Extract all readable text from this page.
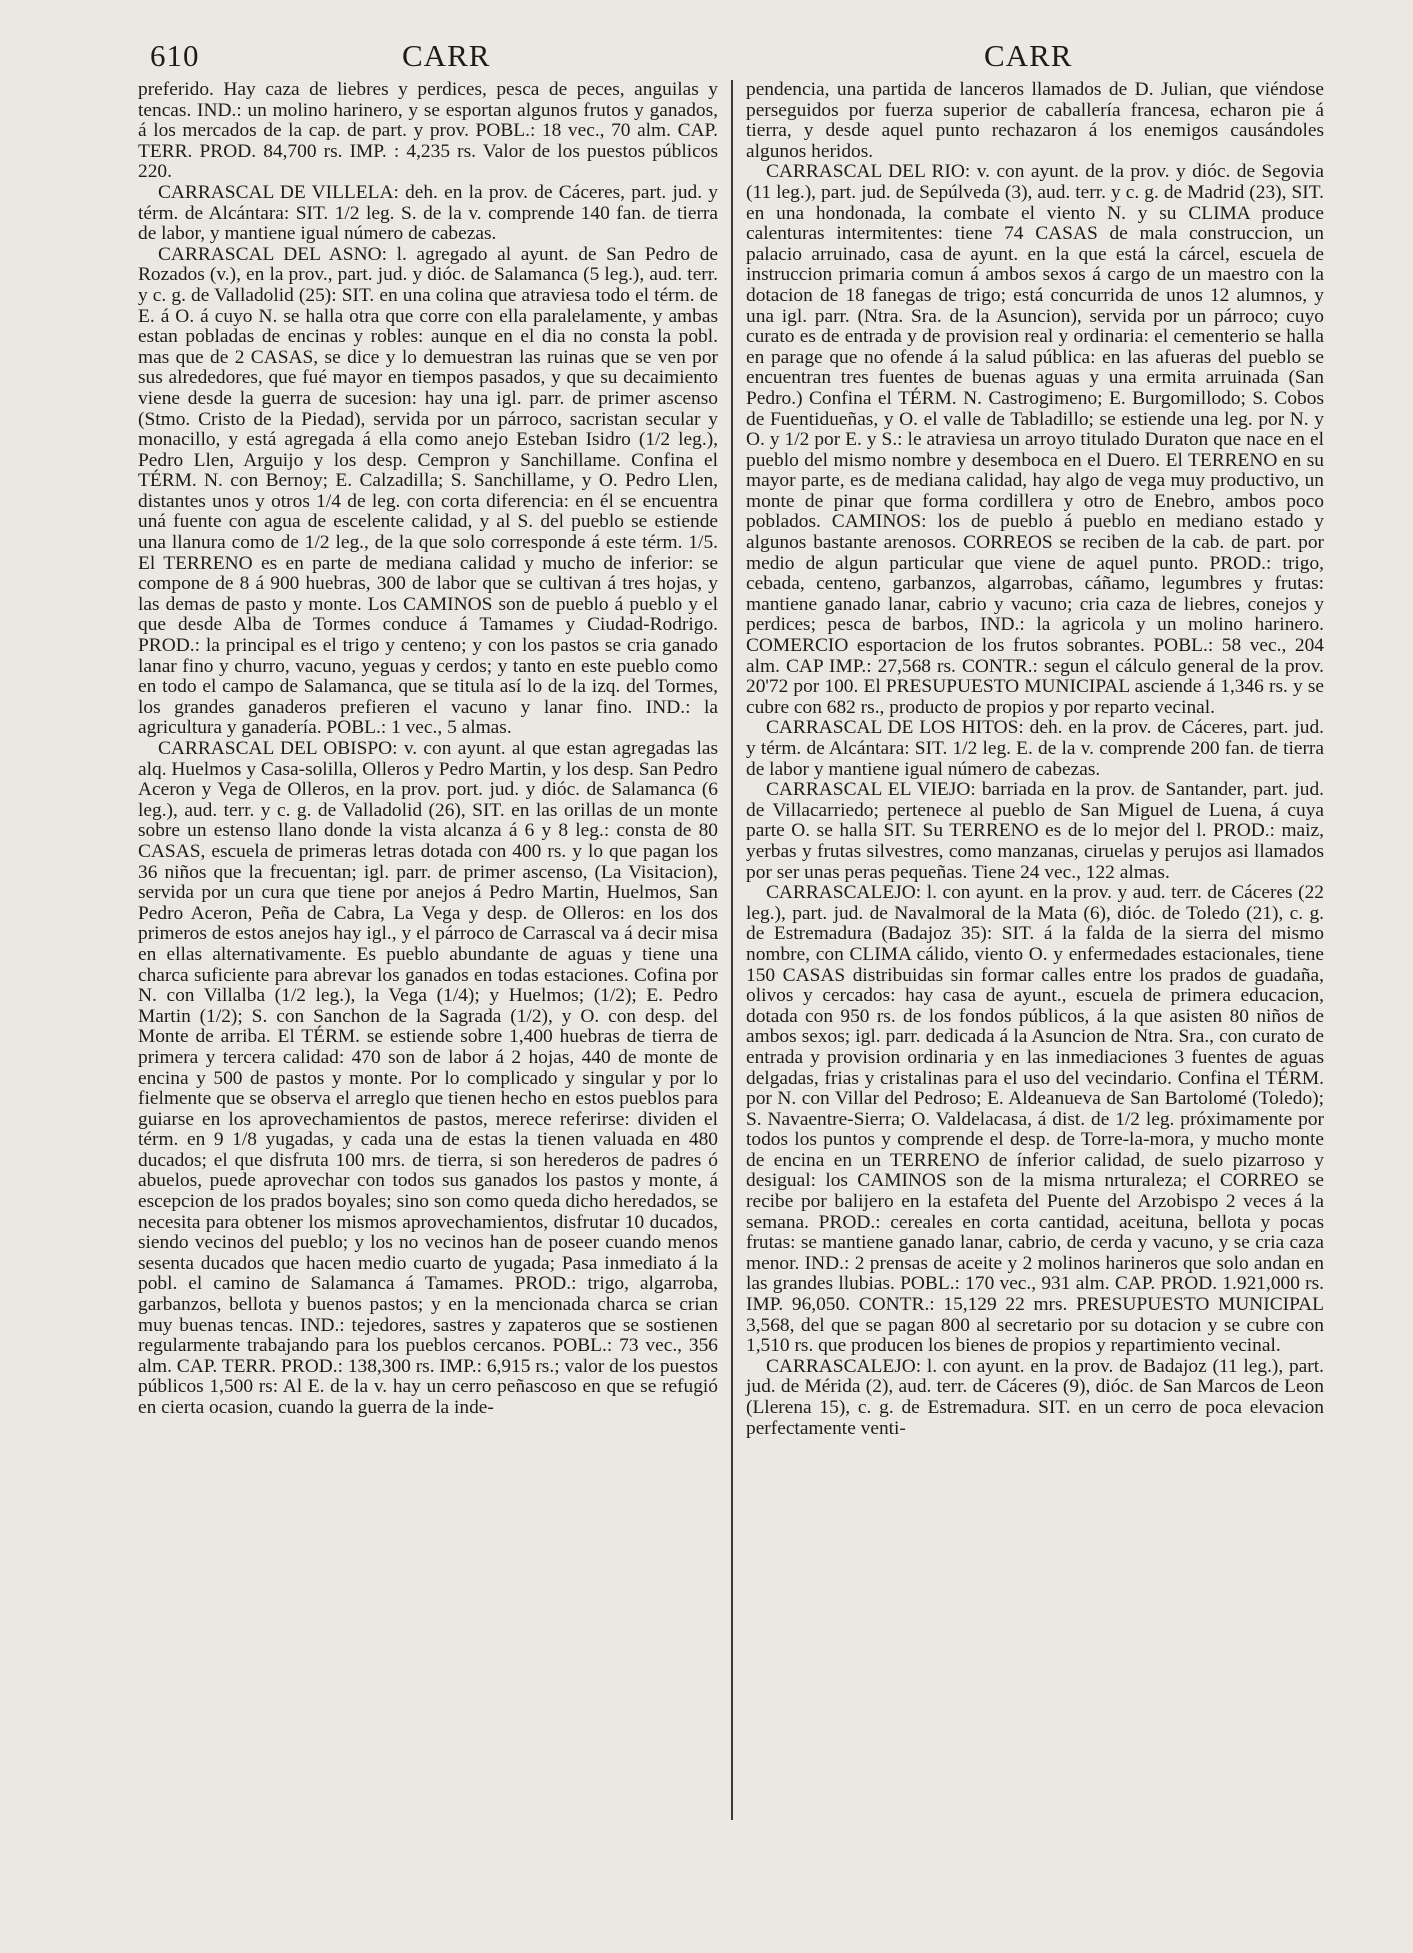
610	CARR	CARR

preferido. Hay caza de liebres y perdices, pesca de peces, anguilas y tencas. IND.: un molino harinero, y se esportan algunos frutos y ganados, á los mercados de la cap. de part. y prov. POBL.: 18 vec., 70 alm. CAP. TERR. PROD. 84,700 rs. IMP. : 4,235 rs. Valor de los puestos públicos 220.

CARRASCAL DE VILLELA: deh. en la prov. de Cáceres, part. jud. y térm. de Alcántara: SIT. 1/2 leg. S. de la v. comprende 140 fan. de tierra de labor, y mantiene igual número de cabezas.

CARRASCAL DEL ASNO: l. agregado al ayunt. de San Pedro de Rozados (v.), en la prov., part. jud. y dióc. de Salamanca (5 leg.), aud. terr. y c. g. de Valladolid (25): SIT. en una colina que atraviesa todo el térm. de E. á O. á cuyo N. se halla otra que corre con ella paralelamente, y ambas estan pobladas de encinas y robles: aunque en el dia no consta la pobl. mas que de 2 CASAS, se dice y lo demuestran las ruinas que se ven por sus alrededores, que fué mayor en tiempos pasados, y que su decaimiento viene desde la guerra de sucesion: hay una igl. parr. de primer ascenso (Stmo. Cristo de la Piedad), servida por un párroco, sacristan secular y monacillo, y está agregada á ella como anejo Esteban Isidro (1/2 leg.), Pedro Llen, Arguijo y los desp. Cempron y Sanchillame. Confina el TÉRM. N. con Bernoy; E. Calzadilla; S. Sanchillame, y O. Pedro Llen, distantes unos y otros 1/4 de leg. con corta diferencia: en él se encuentra uná fuente con agua de escelente calidad, y al S. del pueblo se estiende una llanura como de 1/2 leg., de la que solo corresponde á este térm. 1/5. El TERRENO es en parte de mediana calidad y mucho de inferior: se compone de 8 á 900 huebras, 300 de labor que se cultivan á tres hojas, y las demas de pasto y monte. Los CAMINOS son de pueblo á pueblo y el que desde Alba de Tormes conduce á Tamames y Ciudad-Rodrigo. PROD.: la principal es el trigo y centeno; y con los pastos se cria ganado lanar fino y churro, vacuno, yeguas y cerdos; y tanto en este pueblo como en todo el campo de Salamanca, que se titula así lo de la izq. del Tormes, los grandes ganaderos prefieren el vacuno y lanar fino. IND.: la agricultura y ganadería. POBL.: 1 vec., 5 almas.

CARRASCAL DEL OBISPO: v. con ayunt. al que estan agregadas las alq. Huelmos y Casa-solilla, Olleros y Pedro Martin, y los desp. San Pedro Aceron y Vega de Olleros, en la prov. port. jud. y dióc. de Salamanca (6 leg.), aud. terr. y c. g. de Valladolid (26), SIT. en las orillas de un monte sobre un estenso llano donde la vista alcanza á 6 y 8 leg.: consta de 80 CASAS, escuela de primeras letras dotada con 400 rs. y lo que pagan los 36 niños que la frecuentan; igl. parr. de primer ascenso, (La Visitacion), servida por un cura que tiene por anejos á Pedro Martin, Huelmos, San Pedro Aceron, Peña de Cabra, La Vega y desp. de Olleros: en los dos primeros de estos anejos hay igl., y el párroco de Carrascal va á decir misa en ellas alternativamente. Es pueblo abundante de aguas y tiene una charca suficiente para abrevar los ganados en todas estaciones. Cofina por N. con Villalba (1/2 leg.), la Vega (1/4); y Huelmos; (1/2); E. Pedro Martin (1/2); S. con Sanchon de la Sagrada (1/2), y O. con desp. del Monte de arriba. El TÉRM. se estiende sobre 1,400 huebras de tierra de primera y tercera calidad: 470 son de labor á 2 hojas, 440 de monte de encina y 500 de pastos y monte. Por lo complicado y singular y por lo fielmente que se observa el arreglo que tienen hecho en estos pueblos para guiarse en los aprovechamientos de pastos, merece referirse: dividen el térm. en 9 1/8 yugadas, y cada una de estas la tienen valuada en 480 ducados; el que disfruta 100 mrs. de tierra, si son herederos de padres ó abuelos, puede aprovechar con todos sus ganados los pastos y monte, á escepcion de los prados boyales; sino son como queda dicho heredados, se necesita para obtener los mismos aprovechamientos, disfrutar 10 ducados, siendo vecinos del pueblo; y los no vecinos han de poseer cuando menos sesenta ducados que hacen medio cuarto de yugada; Pasa inmediato á la pobl. el camino de Salamanca á Tamames. PROD.: trigo, algarroba, garbanzos, bellota y buenos pastos; y en la mencionada charca se crian muy buenas tencas. IND.: tejedores, sastres y zapateros que se sostienen regularmente trabajando para los pueblos cercanos. POBL.: 73 vec., 356 alm. CAP. TERR. PROD.: 138,300 rs. IMP.: 6,915 rs.; valor de los puestos públicos 1,500 rs: Al E. de la v. hay un cerro peñascoso en que se refugió en cierta ocasion, cuando la guerra de la inde-

pendencia, una partida de lanceros llamados de D. Julian, que viéndose perseguidos por fuerza superior de caballería francesa, echaron pie á tierra, y desde aquel punto rechazaron á los enemigos causándoles algunos heridos.

CARRASCAL DEL RIO: v. con ayunt. de la prov. y dióc. de Segovia (11 leg.), part. jud. de Sepúlveda (3), aud. terr. y c. g. de Madrid (23), SIT. en una hondonada, la combate el viento N. y su CLIMA produce calenturas intermitentes: tiene 74 CASAS de mala construccion, un palacio arruinado, casa de ayunt. en la que está la cárcel, escuela de instruccion primaria comun á ambos sexos á cargo de un maestro con la dotacion de 18 fanegas de trigo; está concurrida de unos 12 alumnos, y una igl. parr. (Ntra. Sra. de la Asuncion), servida por un párroco; cuyo curato es de entrada y de provision real y ordinaria: el cementerio se halla en parage que no ofende á la salud pública: en las afueras del pueblo se encuentran tres fuentes de buenas aguas y una ermita arruinada (San Pedro.) Confina el TÉRM. N. Castrogimeno; E. Burgomillodo; S. Cobos de Fuentidueñas, y O. el valle de Tabladillo; se estiende una leg. por N. y O. y 1/2 por E. y S.: le atraviesa un arroyo titulado Duraton que nace en el pueblo del mismo nombre y desemboca en el Duero. El TERRENO en su mayor parte, es de mediana calidad, hay algo de vega muy productivo, un monte de pinar que forma cordillera y otro de Enebro, ambos poco poblados. CAMINOS: los de pueblo á pueblo en mediano estado y algunos bastante arenosos. CORREOS se reciben de la cab. de part. por medio de algun particular que viene de aquel punto. PROD.: trigo, cebada, centeno, garbanzos, algarrobas, cáñamo, legumbres y frutas: mantiene ganado lanar, cabrio y vacuno; cria caza de liebres, conejos y perdices; pesca de barbos, IND.: la agricola y un molino harinero. COMERCIO esportacion de los frutos sobrantes. POBL.: 58 vec., 204 alm. CAP IMP.: 27,568 rs. CONTR.: segun el cálculo general de la prov. 20'72 por 100. El PRESUPUESTO MUNICIPAL asciende á 1,346 rs. y se cubre con 682 rs., producto de propios y por reparto vecinal.

CARRASCAL DE LOS HITOS: deh. en la prov. de Cáceres, part. jud. y térm. de Alcántara: SIT. 1/2 leg. E. de la v. comprende 200 fan. de tierra de labor y mantiene igual número de cabezas.

CARRASCAL EL VIEJO: barriada en la prov. de Santander, part. jud. de Villacarriedo; pertenece al pueblo de San Miguel de Luena, á cuya parte O. se halla SIT. Su TERRENO es de lo mejor del l. PROD.: maiz, yerbas y frutas silvestres, como manzanas, ciruelas y perujos asi llamados por ser unas peras pequeñas. Tiene 24 vec., 122 almas.

CARRASCALEJO: l. con ayunt. en la prov. y aud. terr. de Cáceres (22 leg.), part. jud. de Navalmoral de la Mata (6), dióc. de Toledo (21), c. g. de Estremadura (Badajoz 35): SIT. á la falda de la sierra del mismo nombre, con CLIMA cálido, viento O. y enfermedades estacionales, tiene 150 CASAS distribuidas sin formar calles entre los prados de guadaña, olivos y cercados: hay casa de ayunt., escuela de primera educacion, dotada con 950 rs. de los fondos públicos, á la que asisten 80 niños de ambos sexos; igl. parr. dedicada á la Asuncion de Ntra. Sra., con curato de entrada y provision ordinaria y en las inmediaciones 3 fuentes de aguas delgadas, frias y cristalinas para el uso del vecindario. Confina el TÉRM. por N. con Villar del Pedroso; E. Aldeanueva de San Bartolomé (Toledo); S. Navaentre-Sierra; O. Valdelacasa, á dist. de 1/2 leg. próximamente por todos los puntos y comprende el desp. de Torre-la-mora, y mucho monte de encina en un TERRENO de ínferior calidad, de suelo pizarroso y desigual: los CAMINOS son de la misma nrturaleza; el CORREO se recibe por balijero en la estafeta del Puente del Arzobispo 2 veces á la semana. PROD.: cereales en corta cantidad, aceituna, bellota y pocas frutas: se mantiene ganado lanar, cabrio, de cerda y vacuno, y se cria caza menor. IND.: 2 prensas de aceite y 2 molinos harineros que solo andan en las grandes llubias. POBL.: 170 vec., 931 alm. CAP. PROD. 1.921,000 rs. IMP. 96,050. CONTR.: 15,129 22 mrs. PRESUPUESTO MUNICIPAL 3,568, del que se pagan 800 al secretario por su dotacion y se cubre con 1,510 rs. que producen los bienes de propios y repartimiento vecinal.

CARRASCALEJO: l. con ayunt. en la prov. de Badajoz (11 leg.), part. jud. de Mérida (2), aud. terr. de Cáceres (9), dióc. de San Marcos de Leon (Llerena 15), c. g. de Estremadura. SIT. en un cerro de poca elevacion perfectamente venti-
